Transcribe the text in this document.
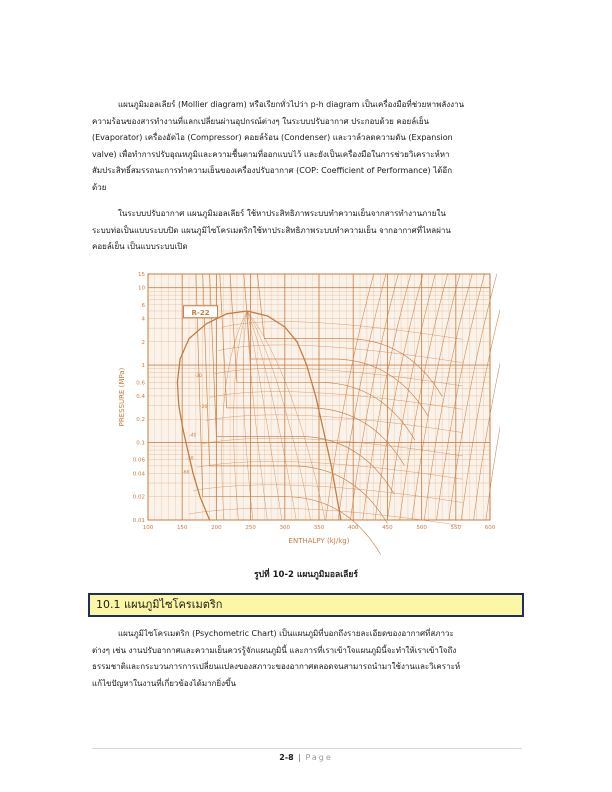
แผนภูมิมอลเลียร์ (Mollier diagram) หรือเรียกทั่วไปว่า p-h diagram เป็นเครื่องมือที่ช่วยหาพลังงาน
ความร้อนของสารทำงานที่แลกเปลี่ยนผ่านอุปกรณ์ต่างๆ ในระบบปรับอากาศ ประกอบด้วย คอยล์เย็น
(Evaporator) เครื่องอัดไอ (Compressor) คอยล์ร้อน (Condenser) และวาล์วลดความดัน (Expansion
valve) เพื่อทำการปรับอุณหภูมิและความชื้นตามที่ออกแบบไว้ และยังเป็นเครื่องมือในการช่วยวิเคราะห์หา
สัมประสิทธิ์สมรรถนะการทำความเย็นของเครื่องปรับอากาศ (COP: Coefficient of Performance) ได้อีก
ด้วย
ในระบบปรับอากาศ แผนภูมิมอลเลียร์ ใช้หาประสิทธิภาพระบบทำความเย็นจากสารทำงานภายใน
ระบบท่อเป็นแบบระบบปิด แผนภูมิไซโครเมตริกใช้หาประสิทธิภาพระบบทำความเย็น จากอากาศที่ไหลผ่าน
คอยล์เย็น เป็นแบบระบบเปิด
100	150	200	250	300	350	400	450	500	550	600
15
10
6
4
2
1
0.6
0.4
0.2
0.1
0.06
0.04
0.02
0.01
ENTHALPY (kJ/kg)
PRESSURE (MPa)
R-22
-30
-20
-40
-50
-60
รูปที่ 10-2 แผนภูมิมอลเลียร์
10.1 แผนภูมิไซโครเมตริก
แผนภูมิไซโครเมตริก (Psychometric Chart) เป็นแผนภูมิที่บอกถึงรายละเอียดของอากาศที่สภาวะ
ต่างๆ เช่น งานปรับอากาศและความเย็นควรรู้จักแผนภูมินี้ และการที่เราเข้าใจแผนภูมินี้จะทำให้เราเข้าใจถึง
ธรรมชาติและกระบวนการการเปลี่ยนแปลงของสภาวะของอากาศตลอดจนสามารถนำมาใช้งานและวิเคราะห์
แก้ไขปัญหาในงานที่เกี่ยวข้องได้มากยิ่งขึ้น
2-8 | Page
